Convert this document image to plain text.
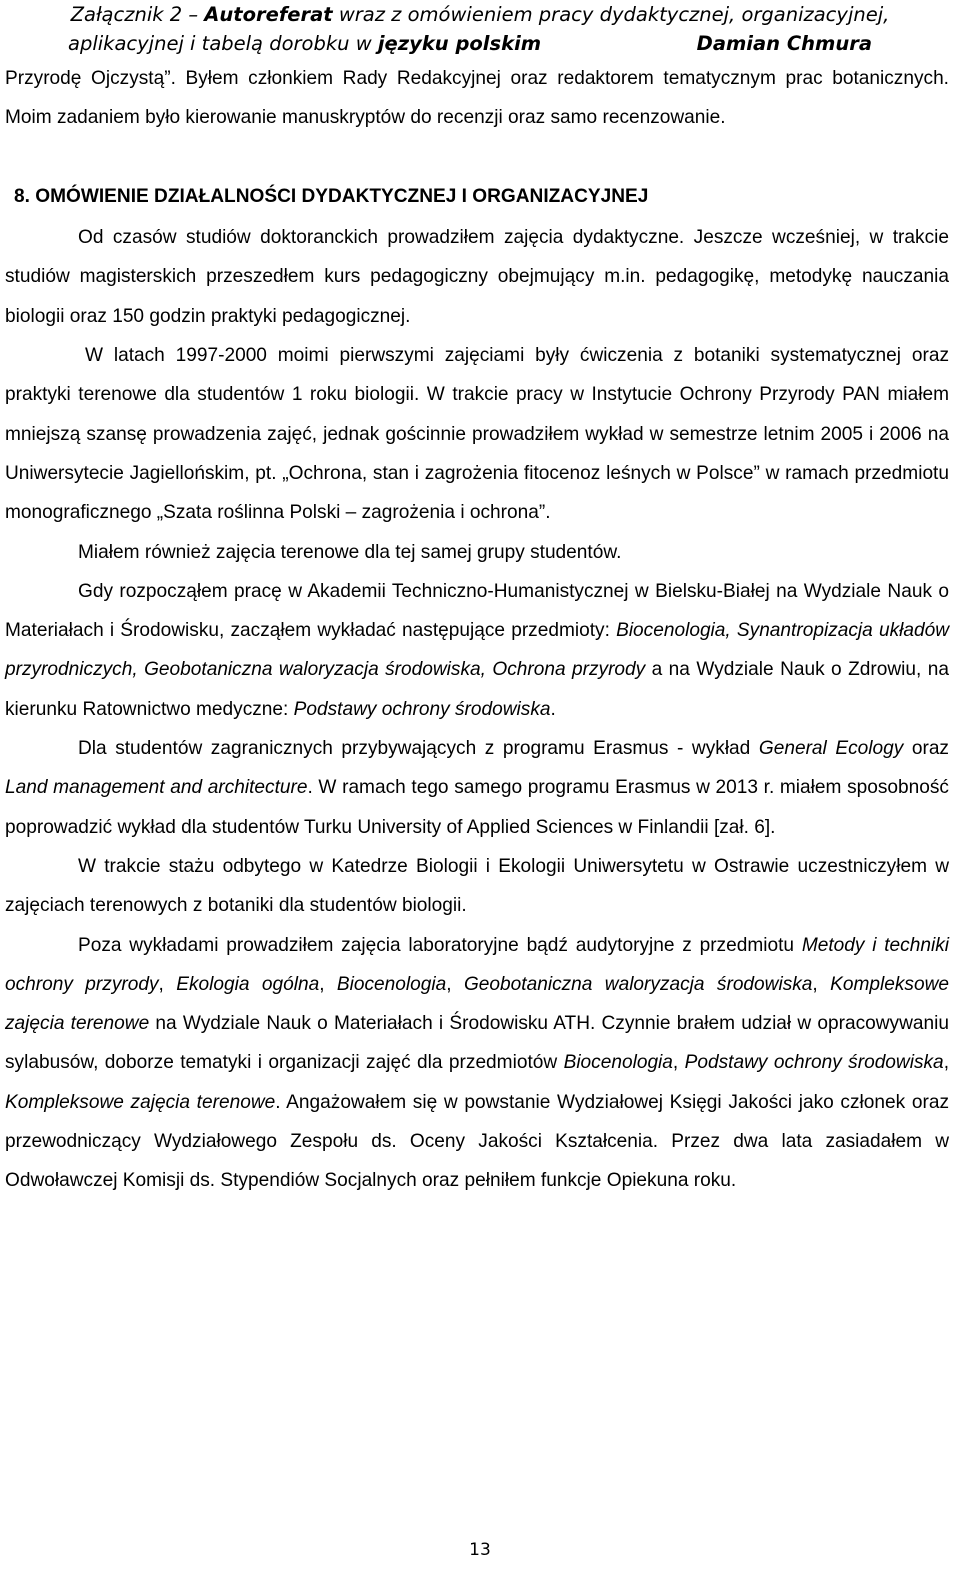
Załącznik 2 – Autoreferat wraz z omówieniem pracy dydaktycznej, organizacyjnej,
aplikacyjnej i tabelą dorobku w języku polskim	Damian Chmura

Przyrodę Ojczystą”. Byłem członkiem Rady Redakcyjnej oraz redaktorem tematycznym prac botanicznych. Moim zadaniem było kierowanie manuskryptów do recenzji oraz samo recenzowanie.

8. OMÓWIENIE DZIAŁALNOŚCI DYDAKTYCZNEJ I ORGANIZACYJNEJ

Od czasów studiów doktoranckich prowadziłem zajęcia dydaktyczne. Jeszcze wcześniej, w trakcie studiów magisterskich przeszedłem kurs pedagogiczny obejmujący m.in. pedagogikę, metodykę nauczania biologii oraz 150 godzin praktyki pedagogicznej.

W latach 1997-2000 moimi pierwszymi zajęciami były ćwiczenia z botaniki systematycznej oraz praktyki terenowe dla studentów 1 roku biologii. W trakcie pracy w Instytucie Ochrony Przyrody PAN miałem mniejszą szansę prowadzenia zajęć, jednak gościnnie prowadziłem wykład w semestrze letnim 2005 i 2006 na Uniwersytecie Jagiellońskim, pt. „Ochrona, stan i zagrożenia fitocenoz leśnych w Polsce” w ramach przedmiotu monograficznego „Szata roślinna Polski – zagrożenia i ochrona”.

Miałem również zajęcia terenowe dla tej samej grupy studentów.

Gdy rozpocząłem pracę w Akademii Techniczno-Humanistycznej w Bielsku-Białej na Wydziale Nauk o Materiałach i Środowisku, zacząłem wykładać następujące przedmioty: Biocenologia, Synantropizacja układów przyrodniczych, Geobotaniczna waloryzacja środowiska, Ochrona przyrody a na Wydziale Nauk o Zdrowiu, na kierunku Ratownictwo medyczne: Podstawy ochrony środowiska.

Dla studentów zagranicznych przybywających z programu Erasmus - wykład General Ecology oraz Land management and architecture. W ramach tego samego programu Erasmus w 2013 r. miałem sposobność poprowadzić wykład dla studentów Turku University of Applied Sciences w Finlandii [zał. 6].

W trakcie stażu odbytego w Katedrze Biologii i Ekologii Uniwersytetu w Ostrawie uczestniczyłem w zajęciach terenowych z botaniki dla studentów biologii.

Poza wykładami prowadziłem zajęcia laboratoryjne bądź audytoryjne z przedmiotu Metody i techniki ochrony przyrody, Ekologia ogólna, Biocenologia, Geobotaniczna waloryzacja środowiska, Kompleksowe zajęcia terenowe na Wydziale Nauk o Materiałach i Środowisku ATH. Czynnie brałem udział w opracowywaniu sylabusów, doborze tematyki i organizacji zajęć dla przedmiotów Biocenologia, Podstawy ochrony środowiska, Kompleksowe zajęcia terenowe. Angażowałem się w powstanie Wydziałowej Księgi Jakości jako członek oraz przewodniczący Wydziałowego Zespołu ds. Oceny Jakości Kształcenia. Przez dwa lata zasiadałem w Odwoławczej Komisji ds. Stypendiów Socjalnych oraz pełniłem funkcje Opiekuna roku.

13
